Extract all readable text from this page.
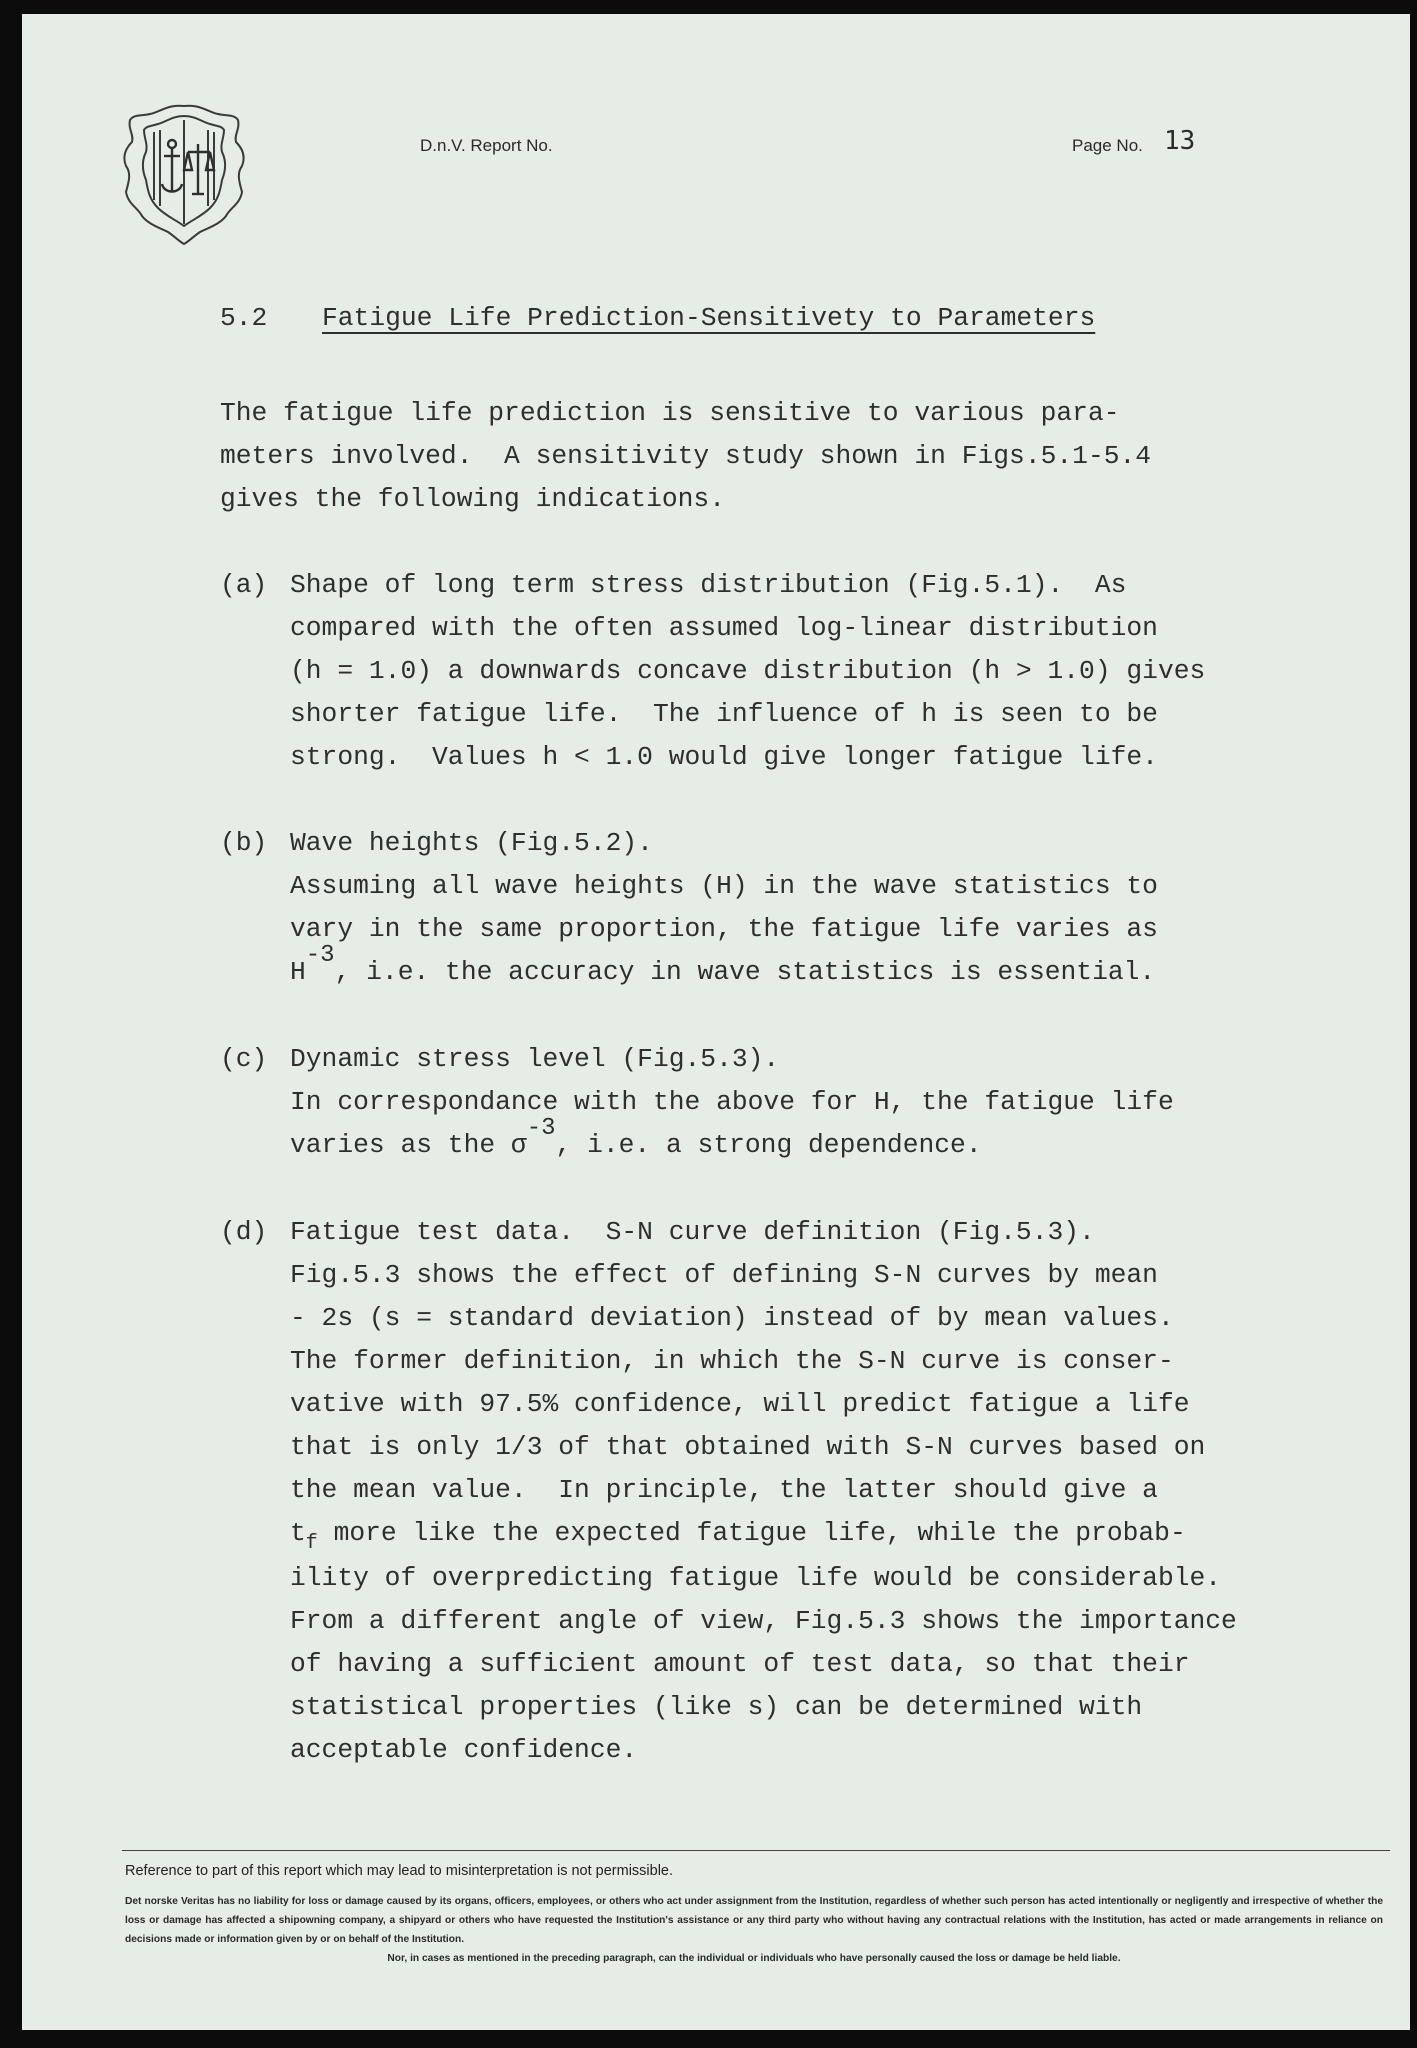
D.n.V. Report No.	Page No. 13
5.2 Fatigue Life Prediction-Sensitivety to Parameters
The fatigue life prediction is sensitive to various para-
meters involved.  A sensitivity study shown in Figs.5.1-5.4
gives the following indications.
(a) Shape of long term stress distribution (Fig.5.1).  As
compared with the often assumed log-linear distribution
(h = 1.0) a downwards concave distribution (h > 1.0) gives
shorter fatigue life.  The influence of h is seen to be
strong.  Values h < 1.0 would give longer fatigue life.
(b) Wave heights (Fig.5.2).
Assuming all wave heights (H) in the wave statistics to
vary in the same proportion, the fatigue life varies as
H-3, i.e. the accuracy in wave statistics is essential.
(c) Dynamic stress level (Fig.5.3).
In correspondance with the above for H, the fatigue life
varies as the σ-3, i.e. a strong dependence.
(d) Fatigue test data.  S-N curve definition (Fig.5.3).
Fig.5.3 shows the effect of defining S-N curves by mean
- 2s (s = standard deviation) instead of by mean values.
The former definition, in which the S-N curve is conser-
vative with 97.5% confidence, will predict fatigue a life
that is only 1/3 of that obtained with S-N curves based on
the mean value.  In principle, the latter should give a
$t_f$ more like the expected fatigue life, while the probab-
ility of overpredicting fatigue life would be considerable.
From a different angle of view, Fig.5.3 shows the importance
of having a sufficient amount of test data, so that their
statistical properties (like s) can be determined with
acceptable confidence.
Reference to part of this report which may lead to misinterpretation is not permissible.

Det norske Veritas has no liability for loss or damage caused by its organs, officers, employees, or others who act under assignment from the Institution, regardless of whether such person has acted intentionally or negligently and irrespective of whether the loss or damage has affected a shipowning company, a shipyard or others who have requested the Institution's assistance or any third party who without having any contractual relations with the Institution, has acted or made arrangements in reliance on decisions made or information given by or on behalf of the Institution.

Nor, in cases as mentioned in the preceding paragraph, can the individual or individuals who have personally caused the loss or damage be held liable.
